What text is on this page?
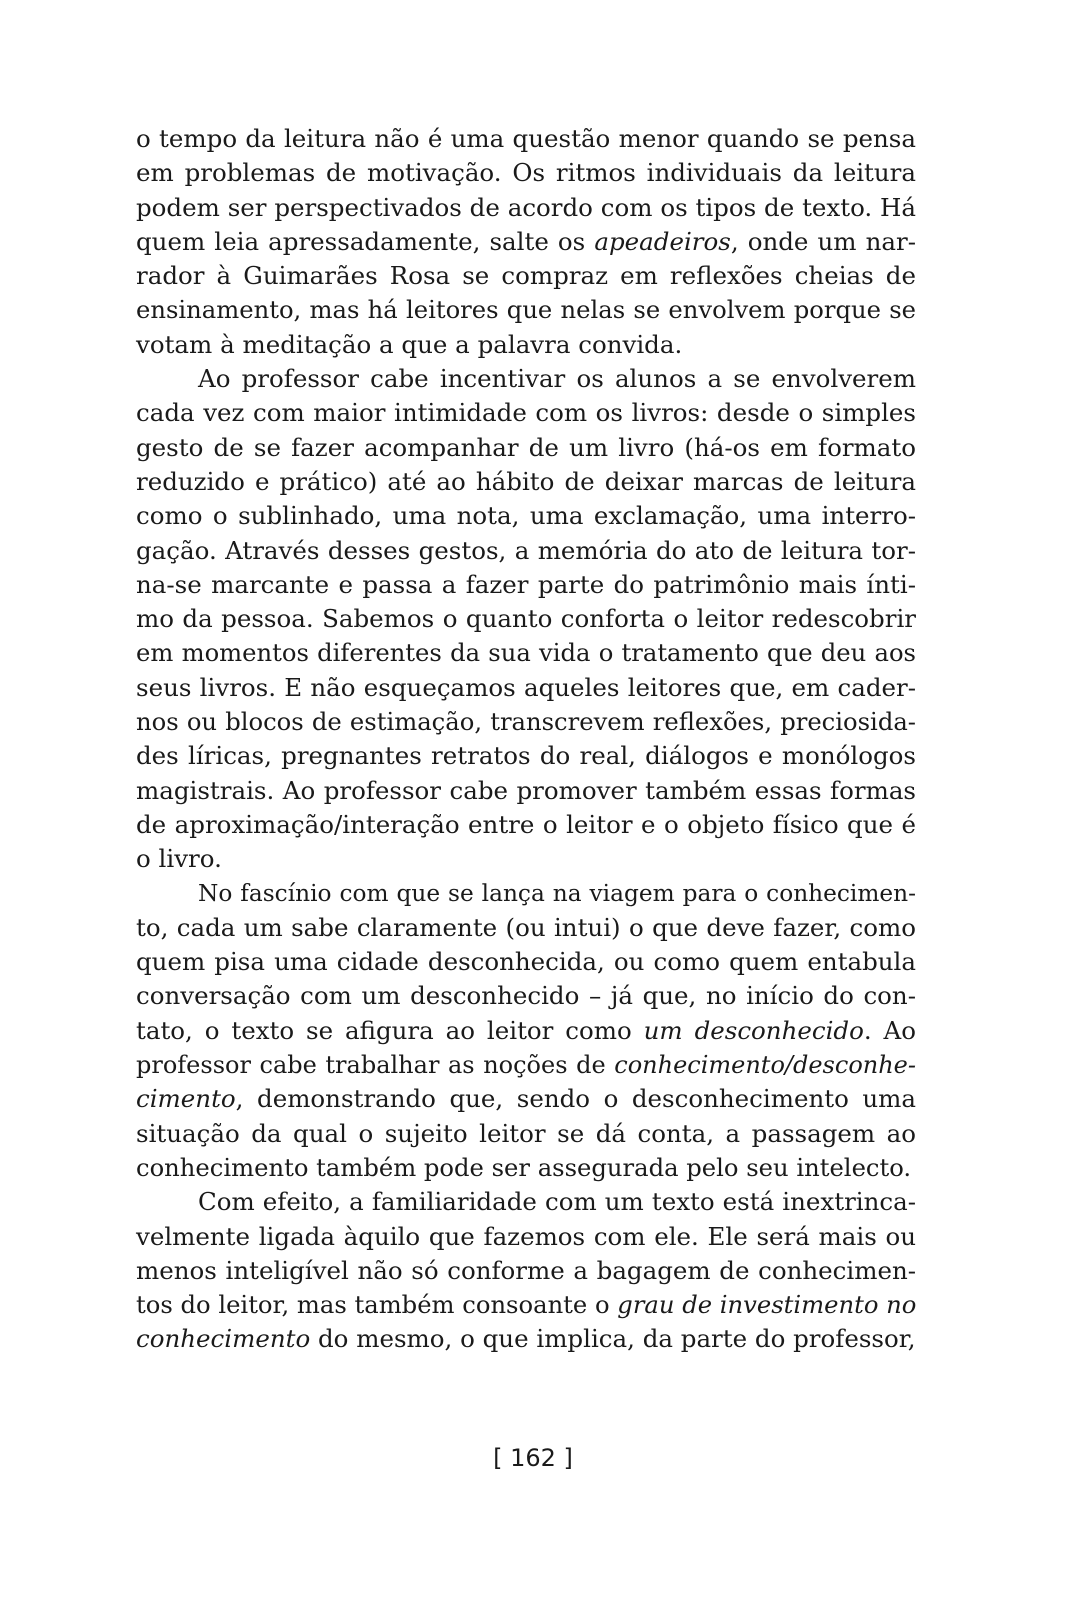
o tempo da leitura não é uma questão menor quando se pensa
em problemas de motivação. Os ritmos individuais da leitura
podem ser perspectivados de acordo com os tipos de texto. Há
quem leia apressadamente, salte os apeadeiros, onde um nar-
rador à Guimarães Rosa se compraz em reflexões cheias de
ensinamento, mas há leitores que nelas se envolvem porque se
votam à meditação a que a palavra convida.
Ao professor cabe incentivar os alunos a se envolverem
cada vez com maior intimidade com os livros: desde o simples
gesto de se fazer acompanhar de um livro (há-os em formato
reduzido e prático) até ao hábito de deixar marcas de leitura
como o sublinhado, uma nota, uma exclamação, uma interro-
gação. Através desses gestos, a memória do ato de leitura tor-
na-se marcante e passa a fazer parte do patrimônio mais ínti-
mo da pessoa. Sabemos o quanto conforta o leitor redescobrir
em momentos diferentes da sua vida o tratamento que deu aos
seus livros. E não esqueçamos aqueles leitores que, em cader-
nos ou blocos de estimação, transcrevem reflexões, preciosida-
des líricas, pregnantes retratos do real, diálogos e monólogos
magistrais. Ao professor cabe promover também essas formas
de aproximação/interação entre o leitor e o objeto físico que é
o livro.
No fascínio com que se lança na viagem para o conhecimen-
to, cada um sabe claramente (ou intui) o que deve fazer, como
quem pisa uma cidade desconhecida, ou como quem entabula
conversação com um desconhecido – já que, no início do con-
tato, o texto se afigura ao leitor como um desconhecido. Ao
professor cabe trabalhar as noções de conhecimento/desconhe-
cimento, demonstrando que, sendo o desconhecimento uma
situação da qual o sujeito leitor se dá conta, a passagem ao
conhecimento também pode ser assegurada pelo seu intelecto.
Com efeito, a familiaridade com um texto está inextrinca-
velmente ligada àquilo que fazemos com ele. Ele será mais ou
menos inteligível não só conforme a bagagem de conhecimen-
tos do leitor, mas também consoante o grau de investimento no
conhecimento do mesmo, o que implica, da parte do professor,
[ 162 ]
